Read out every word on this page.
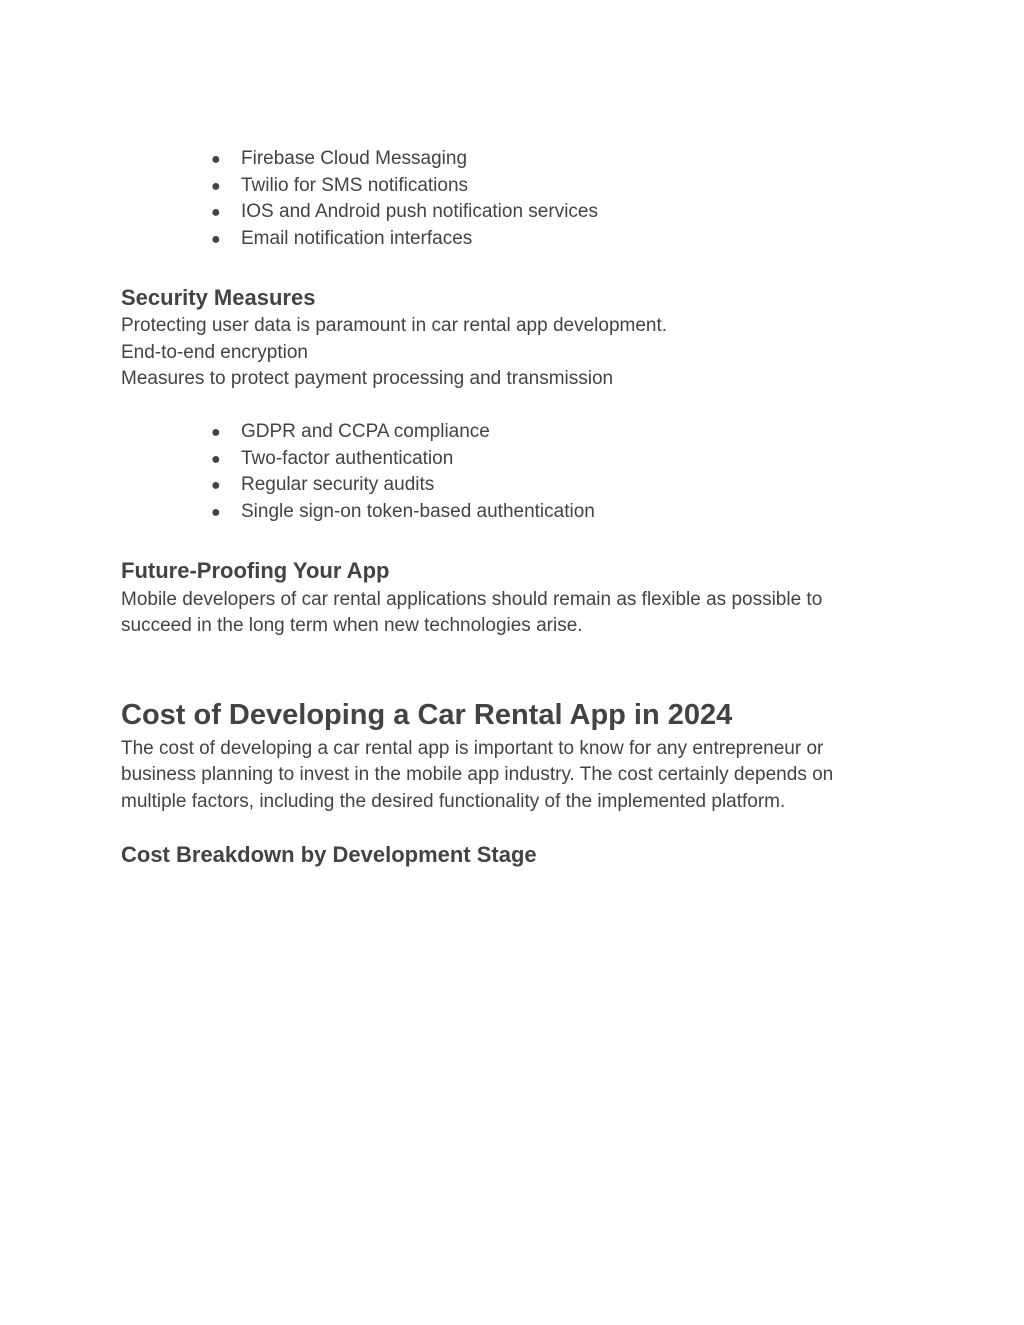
● Firebase Cloud Messaging
● Twilio for SMS notifications
● IOS and Android push notification services
● Email notification interfaces
Security Measures

Protecting user data is paramount in car rental app development.

End-to-end encryption

Measures to protect payment processing and transmission

● GDPR and CCPA compliance
● Two-factor authentication
● Regular security audits
● Single sign-on token-based authentication
Future-Proofing Your App

Mobile developers of car rental applications should remain as flexible as possible to

succeed in the long term when new technologies arise.

Cost of Developing a Car Rental App in 2024

The cost of developing a car rental app is important to know for any entrepreneur or

business planning to invest in the mobile app industry. The cost certainly depends on

multiple factors, including the desired functionality of the implemented platform.

Cost Breakdown by Development Stage
